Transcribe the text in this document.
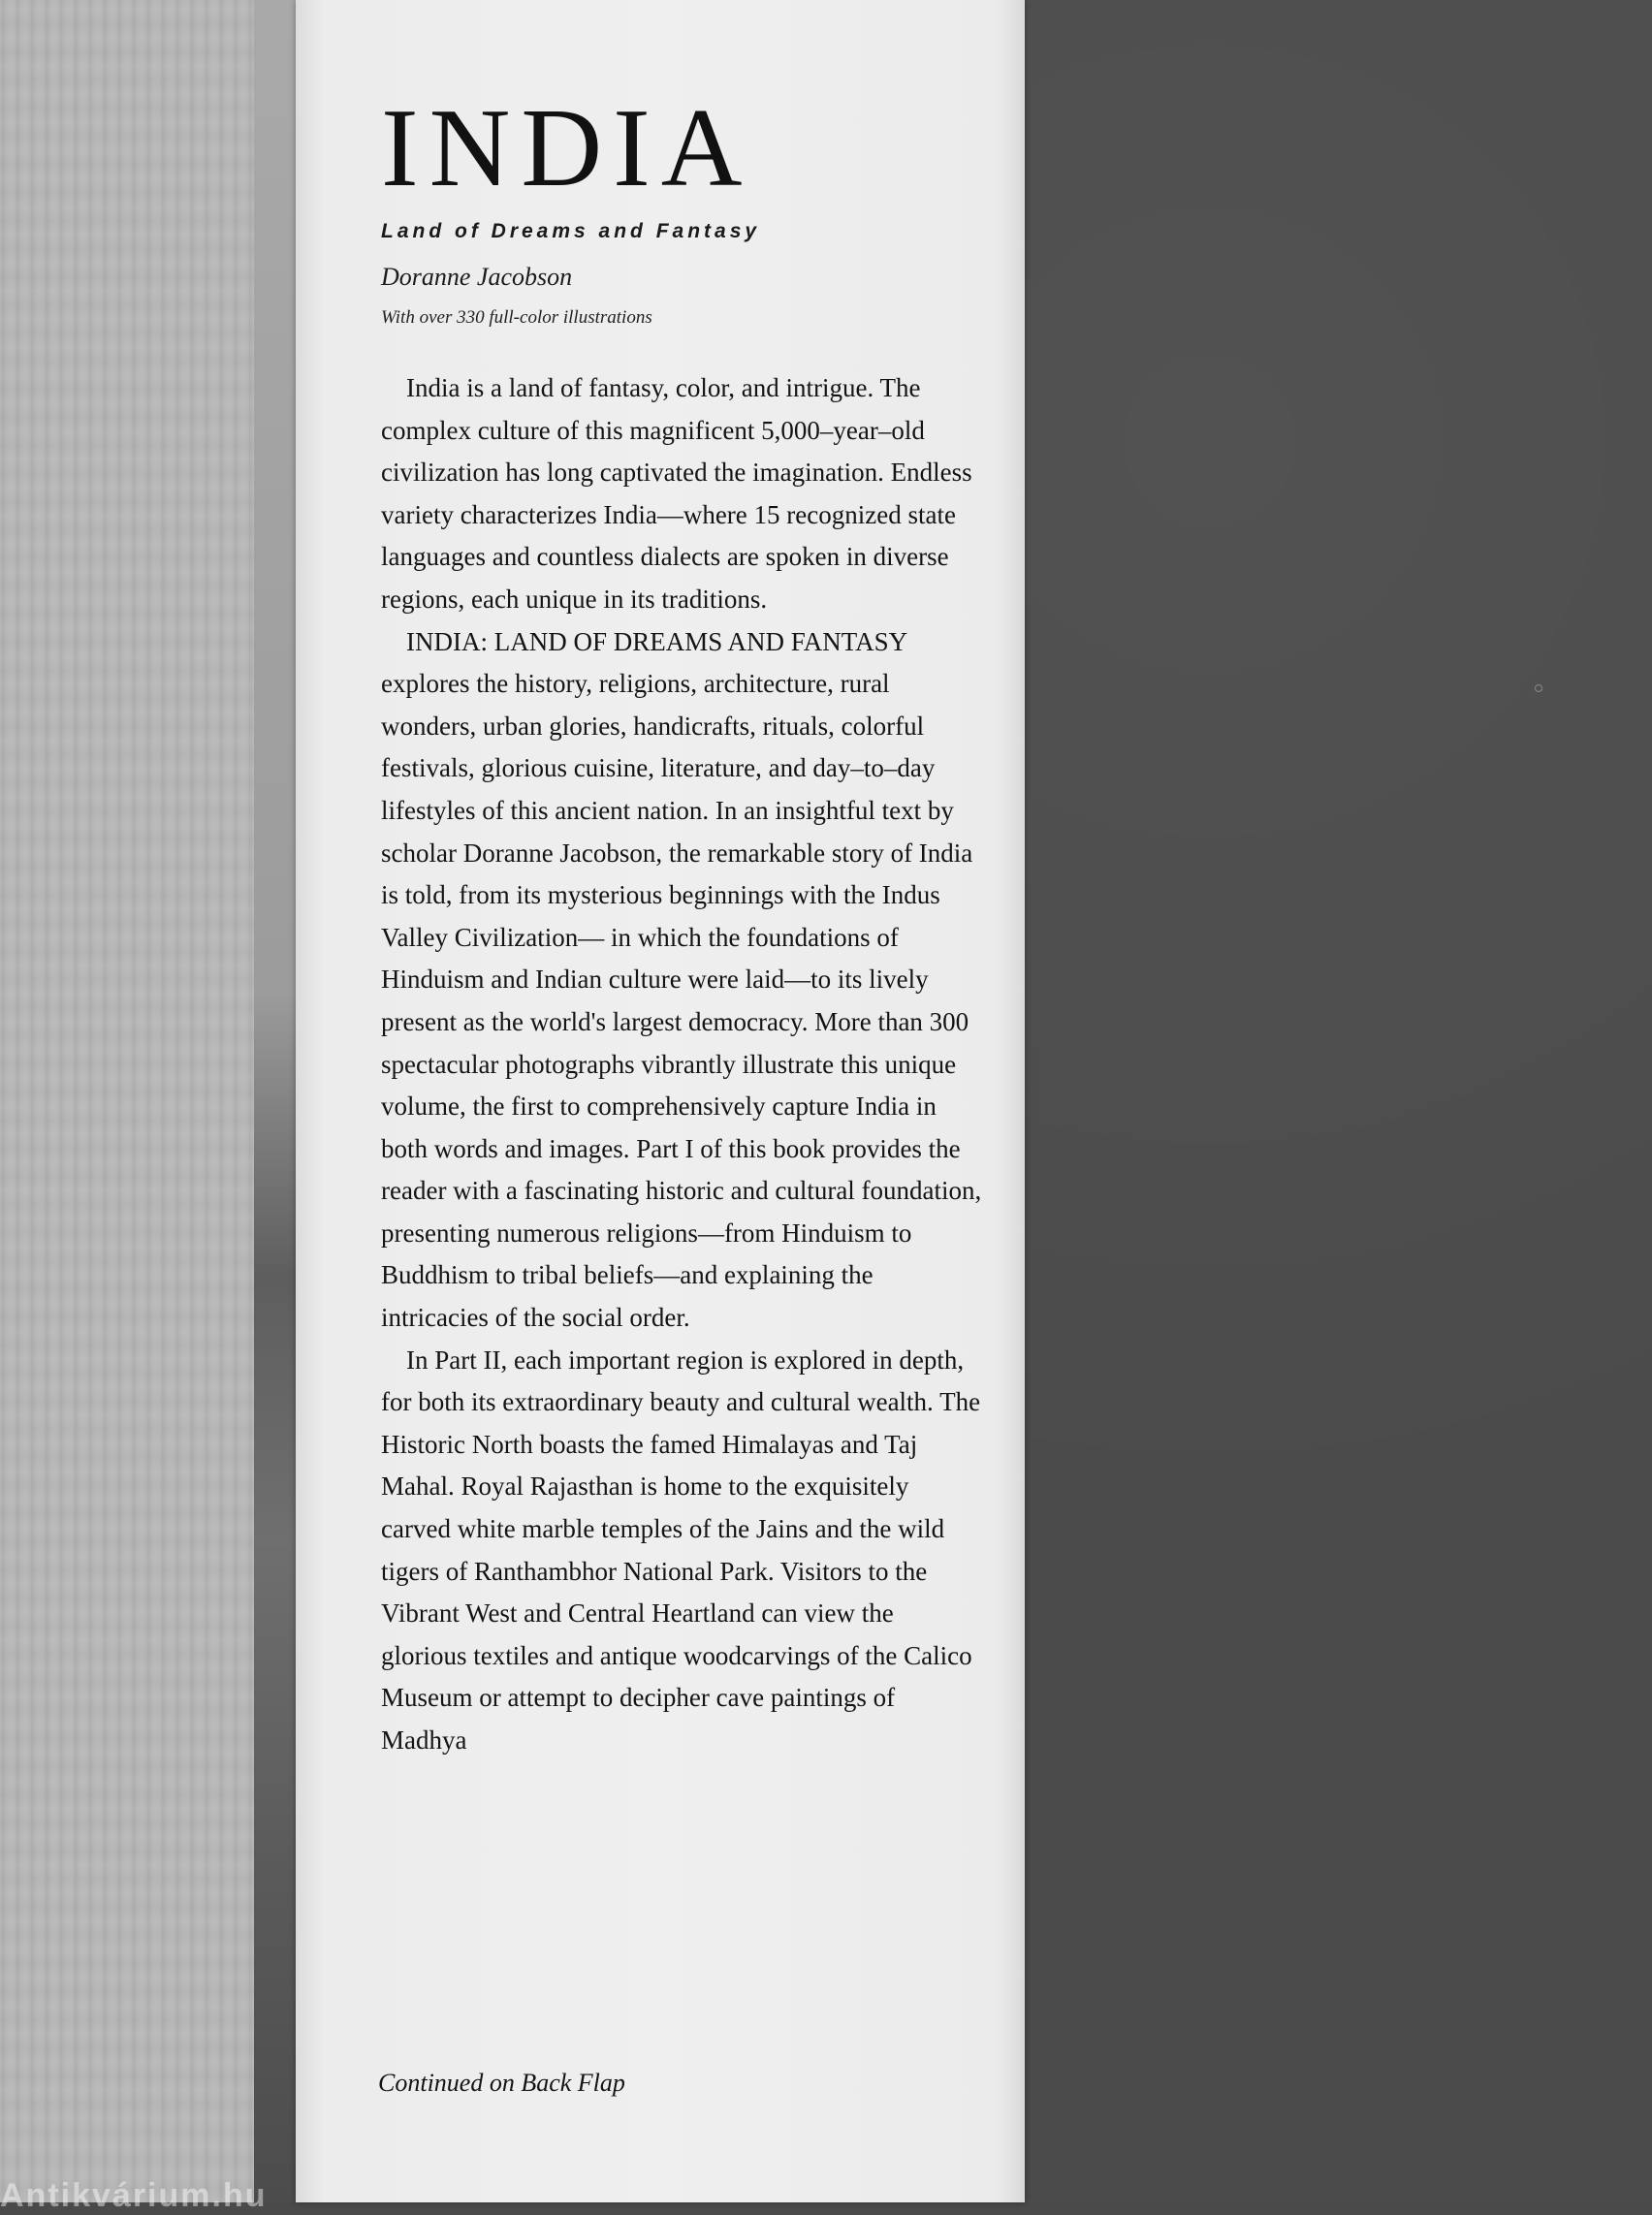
INDIA
Land of Dreams and Fantasy
Doranne Jacobson
With over 330 full-color illustrations

India is a land of fantasy, color, and intrigue. The complex culture of this magnificent 5,000–year–old civilization has long captivated the imagination. Endless variety characterizes India—where 15 recognized state languages and countless dialects are spoken in diverse regions, each unique in its traditions.

INDIA: LAND OF DREAMS AND FANTASY explores the history, religions, architecture, rural wonders, urban glories, handicrafts, rituals, colorful festivals, glorious cuisine, literature, and day–to–day lifestyles of this ancient nation. In an insightful text by scholar Doranne Jacobson, the remarkable story of India is told, from its mysterious beginnings with the Indus Valley Civilization— in which the foundations of Hinduism and Indian culture were laid—to its lively present as the world's largest democracy. More than 300 spectacular photographs vibrantly illustrate this unique volume, the first to comprehensively capture India in both words and images. Part I of this book provides the reader with a fascinating historic and cultural foundation, presenting numerous religions—from Hinduism to Buddhism to tribal beliefs—and explaining the intricacies of the social order.

In Part II, each important region is explored in depth, for both its extraordinary beauty and cultural wealth. The Historic North boasts the famed Himalayas and Taj Mahal. Royal Rajasthan is home to the exquisitely carved white marble temples of the Jains and the wild tigers of Ranthambhor National Park. Visitors to the Vibrant West and Central Heartland can view the glorious textiles and antique woodcarvings of the Calico Museum or attempt to decipher cave paintings of Madhya

Continued on Back Flap
Antikvárium.hu
